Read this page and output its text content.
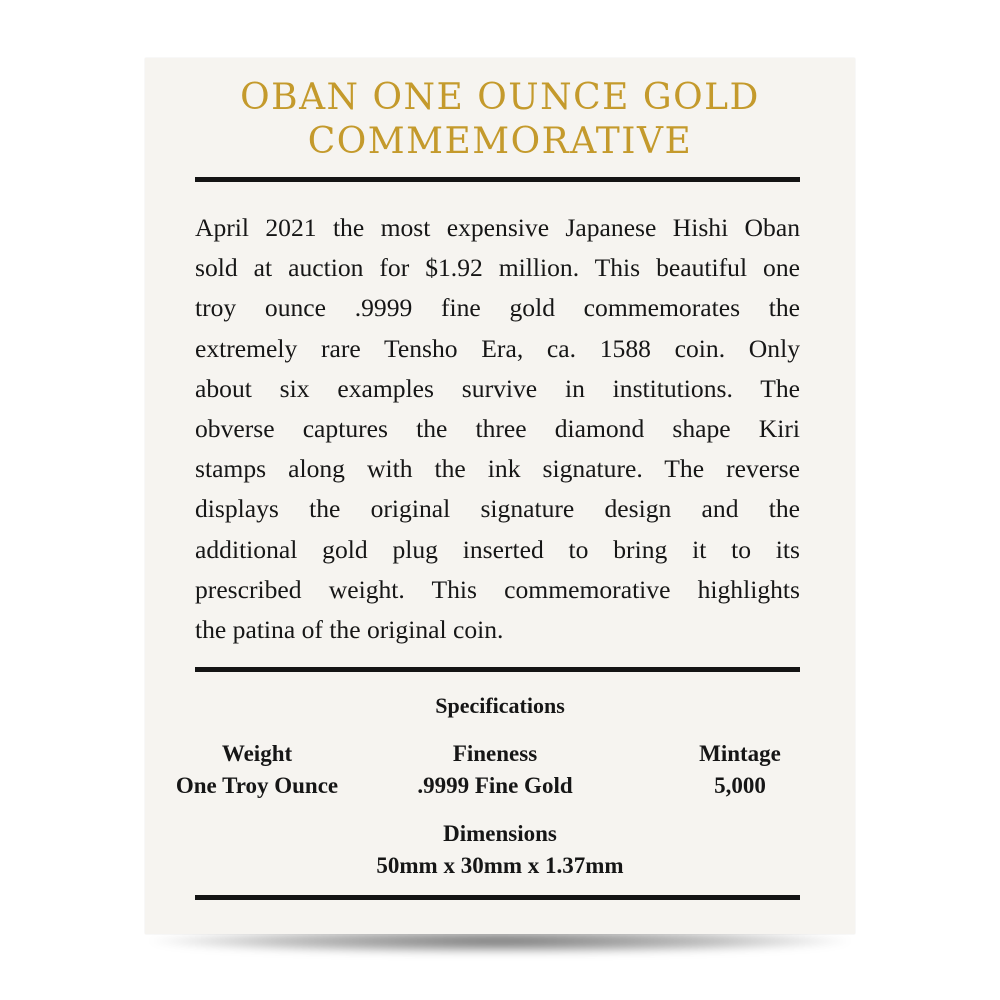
OBAN ONE OUNCE GOLD
COMMEMORATIVE

April 2021 the most expensive Japanese Hishi Oban
sold at auction for $1.92 million. This beautiful one
troy ounce .9999 fine gold commemorates the
extremely rare Tensho Era, ca. 1588 coin. Only
about six examples survive in institutions. The
obverse captures the three diamond shape Kiri
stamps along with the ink signature. The reverse
displays the original signature design and the
additional gold plug inserted to bring it to its
prescribed weight. This commemorative highlights
the patina of the original coin.

Specifications

Weight
One Troy Ounce
Fineness
.9999 Fine Gold
Mintage
5,000
Dimensions
50mm x 30mm x 1.37mm
